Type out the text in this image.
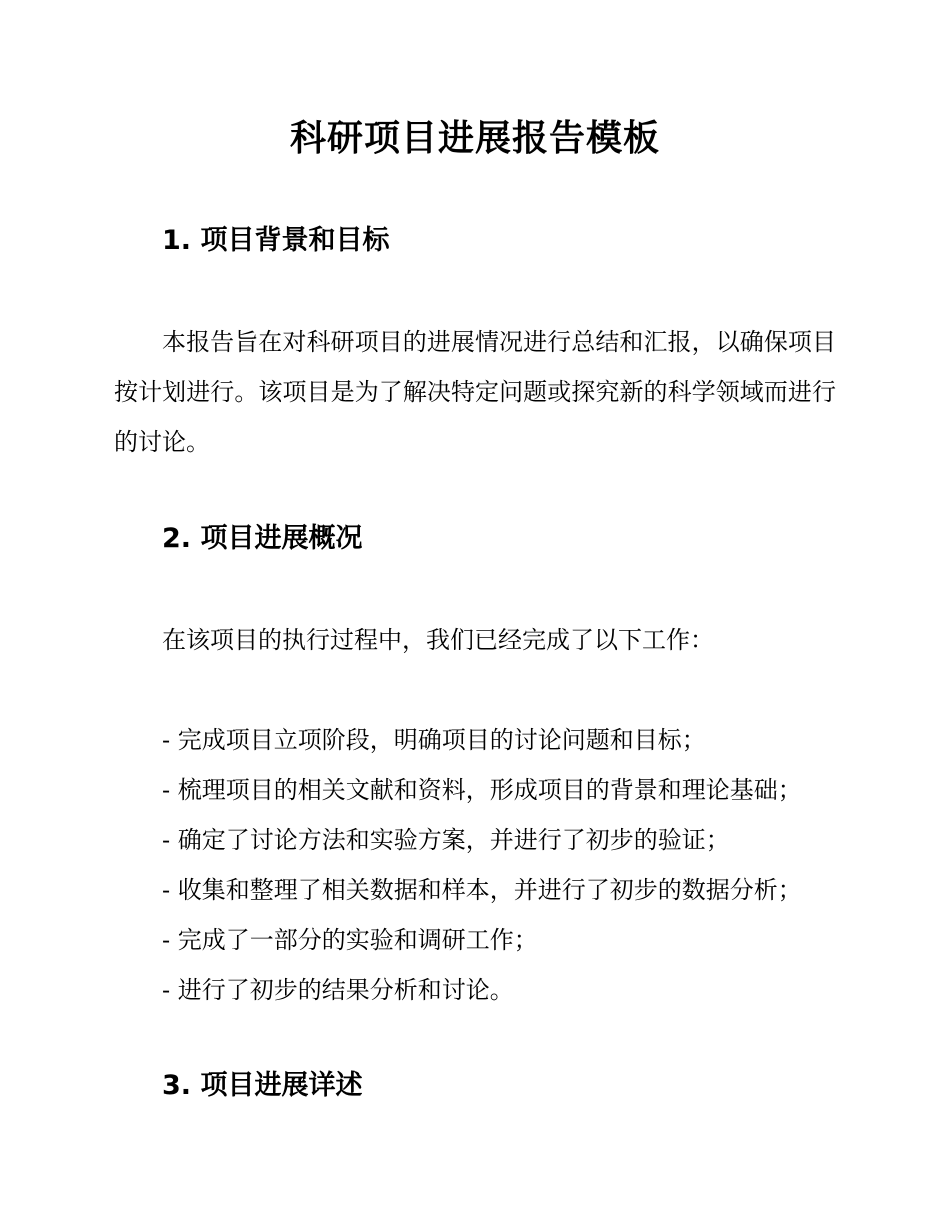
科研项目进展报告模板
1. 项目背景和目标

本报告旨在对科研项目的进展情况进行总结和汇报，以确保项目按计划进行。该项目是为了解决特定问题或探究新的科学领域而进行的讨论。

2. 项目进展概况

在该项目的执行过程中，我们已经完成了以下工作：

- 完成项目立项阶段，明确项目的讨论问题和目标；
- 梳理项目的相关文献和资料，形成项目的背景和理论基础；
- 确定了讨论方法和实验方案，并进行了初步的验证；
- 收集和整理了相关数据和样本，并进行了初步的数据分析；
- 完成了一部分的实验和调研工作；
- 进行了初步的结果分析和讨论。
3. 项目进展详述
